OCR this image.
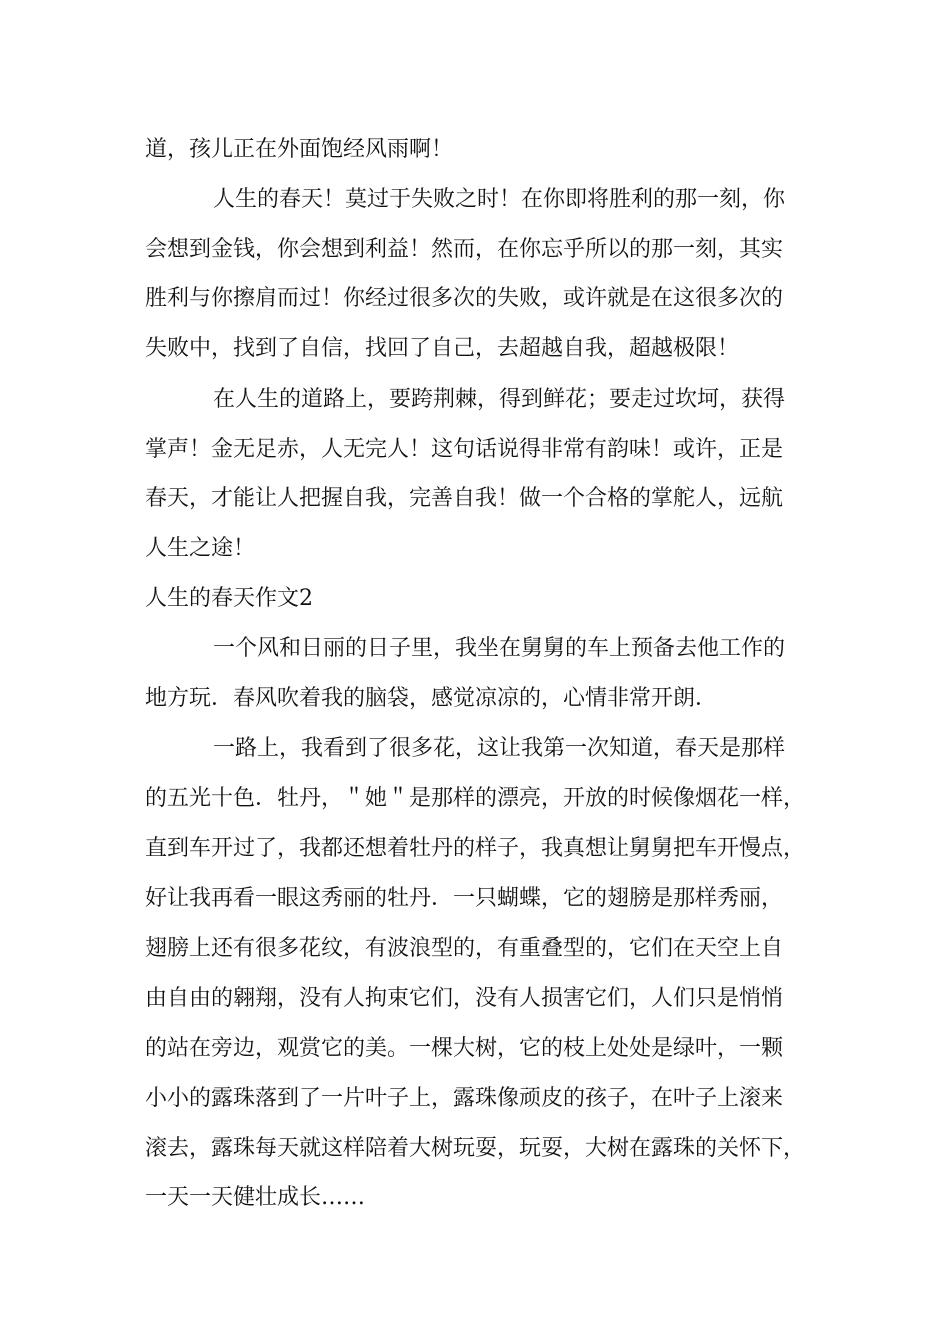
道，孩儿正在外面饱经风雨啊！
人生的春天！莫过于失败之时！在你即将胜利的那一刻，你
会想到金钱，你会想到利益！然而，在你忘乎所以的那一刻，其实
胜利与你擦肩而过！你经过很多次的失败，或许就是在这很多次的
失败中，找到了自信，找回了自己，去超越自我，超越极限！
在人生的道路上，要跨荆棘，得到鲜花；要走过坎坷，获得
掌声！金无足赤，人无完人！这句话说得非常有韵味！或许，正是
春天，才能让人把握自我，完善自我！做一个合格的掌舵人，远航
人生之途！
人生的春天作文2
一个风和日丽的日子里，我坐在舅舅的车上预备去他工作的
地方玩．春风吹着我的脑袋，感觉凉凉的，心情非常开朗．
一路上，我看到了很多花，这让我第一次知道，春天是那样
的五光十色．牡丹，＂她＂是那样的漂亮，开放的时候像烟花一样，
直到车开过了，我都还想着牡丹的样子，我真想让舅舅把车开慢点，
好让我再看一眼这秀丽的牡丹．一只蝴蝶，它的翅膀是那样秀丽，
翅膀上还有很多花纹，有波浪型的，有重叠型的，它们在天空上自
由自由的翱翔，没有人拘束它们，没有人损害它们，人们只是悄悄
的站在旁边，观赏它的美。一棵大树，它的枝上处处是绿叶，一颗
小小的露珠落到了一片叶子上，露珠像顽皮的孩子，在叶子上滚来
滚去，露珠每天就这样陪着大树玩耍，玩耍，大树在露珠的关怀下，
一天一天健壮成长……
